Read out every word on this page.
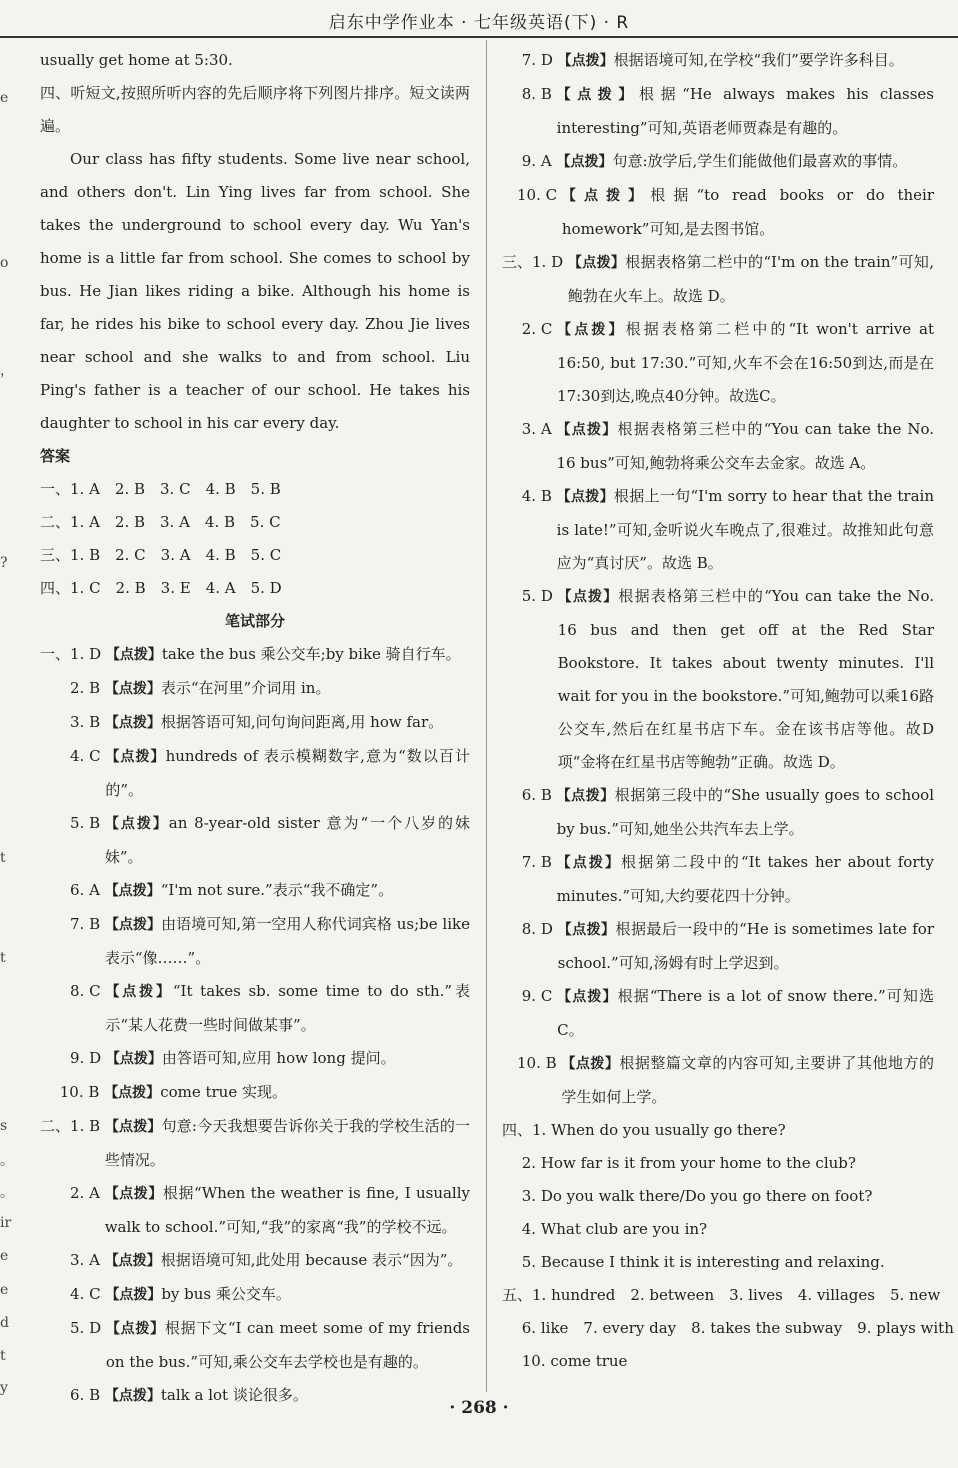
启东中学作业本 · 七年级英语(下) · R
e
o
，
?
t
t
s
。
。
ir
e
e
d
t
y

usually get home at 5:30.

四、听短文,按照所听内容的先后顺序将下列图片排序。短文读两遍。

Our class has fifty students. Some live near school, and others don't. Lin Ying lives far from school. She takes the underground to school every day. Wu Yan's home is a little far from school. She comes to school by bus. He Jian likes riding a bike. Although his home is far, he rides his bike to school every day. Zhou Jie lives near school and she walks to and from school. Liu Ping's father is a teacher of our school. He takes his daughter to school in his car every day.

答案

一、1. A　2. B　3. C　4. B　5. B

二、1. A　2. B　3. A　4. B　5. C

三、1. B　2. C　3. A　4. B　5. C

四、1. C　2. B　3. E　4. A　5. D

笔试部分

一、1. D 【点拨】take the bus 乘公交车;by bike 骑自行车。
　　2. B 【点拨】表示“在河里”介词用 in。
　　3. B 【点拨】根据答语可知,问句询问距离,用 how far。
　　4. C 【点拨】hundreds of 表示模糊数字,意为“数以百计的”。
　　5. B 【点拨】an 8-year-old sister 意为“一个八岁的妹妹”。
　　6. A 【点拨】“I'm not sure.”表示“我不确定”。
　　7. B 【点拨】由语境可知,第一空用人称代词宾格 us;be like 表示“像……”。
　　8. C 【点拨】“It takes sb. some time to do sth.”表示“某人花费一些时间做某事”。
　　9. D 【点拨】由答语可知,应用 how long 提问。
　 10. B 【点拨】come true 实现。
二、1. B 【点拨】句意:今天我想要告诉你关于我的学校生活的一些情况。
　　2. A 【点拨】根据“When the weather is fine, I usually walk to school.”可知,“我”的家离“我”的学校不远。
　　3. A 【点拨】根据语境可知,此处用 because 表示“因为”。
　　4. C 【点拨】by bus 乘公交车。
　　5. D 【点拨】根据下文“I can meet some of my friends on the bus.”可知,乘公交车去学校也是有趣的。
　　6. B 【点拨】talk a lot 谈论很多。
　 7. D 【点拨】根据语境可知,在学校“我们”要学许多科目。
　 8. B 【点拨】根据“He always makes his classes interesting”可知,英语老师贾森是有趣的。
　 9. A 【点拨】句意:放学后,学生们能做他们最喜欢的事情。
　10. C 【点拨】根据“to read books or do their homework”可知,是去图书馆。
三、1. D 【点拨】根据表格第二栏中的“I'm on the train”可知,鲍勃在火车上。故选 D。
　 2. C 【点拨】根据表格第二栏中的“It won't arrive at 16:50, but 17:30.”可知,火车不会在16:50到达,而是在17:30到达,晚点40分钟。故选C。
　 3. A 【点拨】根据表格第三栏中的“You can take the No. 16 bus”可知,鲍勃将乘公交车去金家。故选 A。
　 4. B 【点拨】根据上一句“I'm sorry to hear that the train is late!”可知,金听说火车晚点了,很难过。故推知此句意应为“真讨厌”。故选 B。
　 5. D 【点拨】根据表格第三栏中的“You can take the No. 16 bus and then get off at the Red Star Bookstore. It takes about twenty minutes. I'll wait for you in the bookstore.”可知,鲍勃可以乘16路公交车,然后在红星书店下车。金在该书店等他。故D项“金将在红星书店等鲍勃”正确。故选 D。
　 6. B 【点拨】根据第三段中的“She usually goes to school by bus.”可知,她坐公共汽车去上学。
　 7. B 【点拨】根据第二段中的“It takes her about forty minutes.”可知,大约要花四十分钟。
　 8. D 【点拨】根据最后一段中的“He is sometimes late for school.”可知,汤姆有时上学迟到。
　 9. C 【点拨】根据“There is a lot of snow there.”可知选 C。
　10. B 【点拨】根据整篇文章的内容可知,主要讲了其他地方的学生如何上学。

四、1. When do you usually go there?

　 2. How far is it from your home to the club?

　 3. Do you walk there/Do you go there on foot?

　 4. What club are you in?

　 5. Because I think it is interesting and relaxing.

五、1. hundred　2. between　3. lives　4. villages　5. new

　 6. like　7. every day　8. takes the subway　9. plays with

　 10. come true

· 268 ·
